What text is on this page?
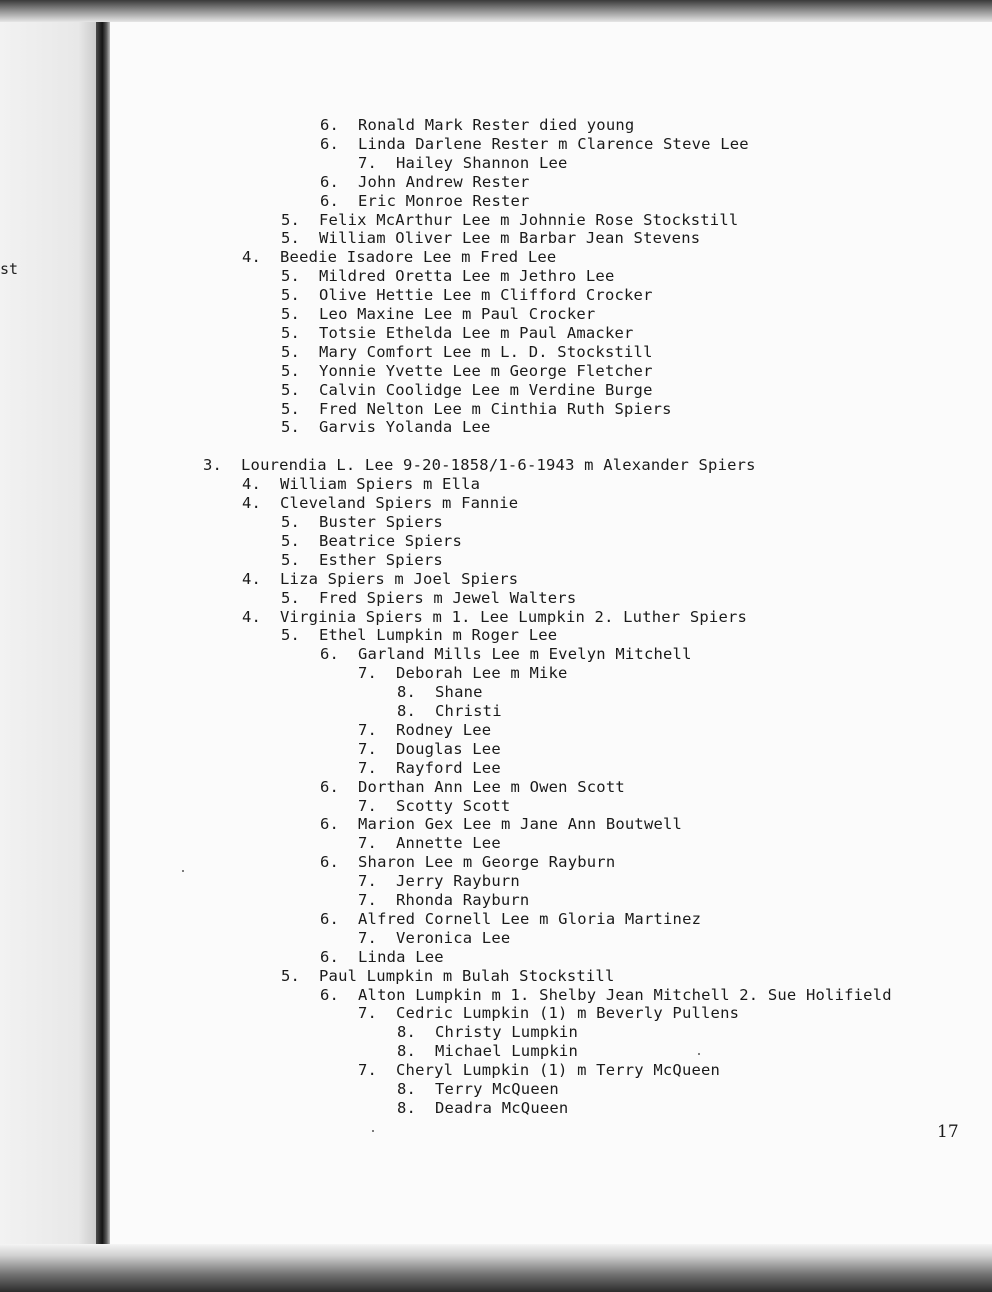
st
6. Ronald Mark Rester died young
6. Linda Darlene Rester m Clarence Steve Lee
7. Hailey Shannon Lee
6. John Andrew Rester
6. Eric Monroe Rester
5. Felix McArthur Lee m Johnnie Rose Stockstill
5. William Oliver Lee m Barbar Jean Stevens
4. Beedie Isadore Lee m Fred Lee
5. Mildred Oretta Lee m Jethro Lee
5. Olive Hettie Lee m Clifford Crocker
5. Leo Maxine Lee m Paul Crocker
5. Totsie Ethelda Lee m Paul Amacker
5. Mary Comfort Lee m L. D. Stockstill
5. Yonnie Yvette Lee m George Fletcher
5. Calvin Coolidge Lee m Verdine Burge
5. Fred Nelton Lee m Cinthia Ruth Spiers
5. Garvis Yolanda Lee
3. Lourendia L. Lee 9-20-1858/1-6-1943 m Alexander Spiers
4. William Spiers m Ella
4. Cleveland Spiers m Fannie
5. Buster Spiers
5. Beatrice Spiers
5. Esther Spiers
4. Liza Spiers m Joel Spiers
5. Fred Spiers m Jewel Walters
4. Virginia Spiers m 1. Lee Lumpkin 2. Luther Spiers
5. Ethel Lumpkin m Roger Lee
6. Garland Mills Lee m Evelyn Mitchell
7. Deborah Lee m Mike
8. Shane
8. Christi
7. Rodney Lee
7. Douglas Lee
7. Rayford Lee
6. Dorthan Ann Lee m Owen Scott
7. Scotty Scott
6. Marion Gex Lee m Jane Ann Boutwell
7. Annette Lee
6. Sharon Lee m George Rayburn
7. Jerry Rayburn
7. Rhonda Rayburn
6. Alfred Cornell Lee m Gloria Martinez
7. Veronica Lee
6. Linda Lee
5. Paul Lumpkin m Bulah Stockstill
6. Alton Lumpkin m 1. Shelby Jean Mitchell 2. Sue Holifield
7. Cedric Lumpkin (1) m Beverly Pullens
8. Christy Lumpkin
8. Michael Lumpkin
7. Cheryl Lumpkin (1) m Terry McQueen
8. Terry McQueen
8. Deadra McQueen
17
